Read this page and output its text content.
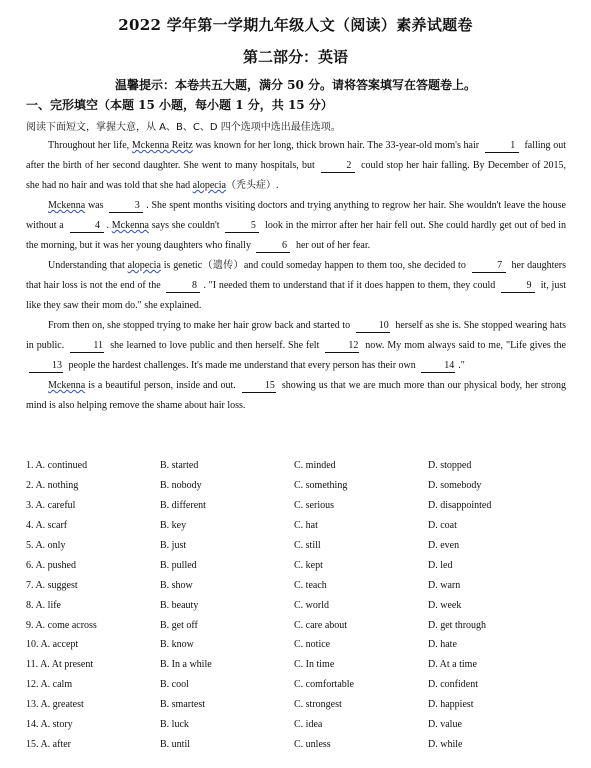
2022 学年第一学期九年级人文（阅读）素养试题卷
第二部分：英语
温馨提示：本卷共五大题，满分 50 分。请将答案填写在答题卷上。
一、完形填空（本题 15 小题，每小题 1 分，共 15 分）
阅读下面短文，掌握大意，从 A、B、C、D 四个选项中选出最佳选项。

Throughout her life, Mckenna Reitz was known for her long, thick brown hair. The 33-year-old mom's hair	1 falling out after the birth of her second daughter. She went to many hospitals, but	2 could stop her hair falling. By December of 2015, she had no hair and was told that she had alopecia（秃头症）.

Mckenna was	3 . She spent months visiting doctors and trying anything to regrow her hair. She wouldn't leave the house without a	4 . Mckenna says she couldn't	5 look in the mirror after her hair fell out. She could hardly get out of bed in the morning, but it was her young daughters who finally	6 her out of her fear.

Understanding that alopecia is genetic（遗传）and could someday happen to them too, she decided to	7 her daughters that hair loss is not the end of the	8 . "I needed them to understand that if it does happen to them, they could	9 it, just like they saw their mom do." she explained.

From then on, she stopped trying to make her hair grow back and started to	10 herself as she is. She stopped wearing hats in public.	11 she learned to love public and then herself. She felt	12 now. My mom always said to me, "Life gives the 13 people the hardest challenges. It's made me understand that every person has their own	14 ."

Mckenna is a beautiful person, inside and out.	15 showing us that we are much more than our physical body, her strong mind is also helping remove the shame about hair loss.

1. A. continued	B. started	C. minded	D. stopped
2. A. nothing	B. nobody	C. something	D. somebody
3. A. careful	B. different	C. serious	D. disappointed
4. A. scarf	B. key	C. hat	D. coat
5. A. only	B. just	C. still	D. even
6. A. pushed	B. pulled	C. kept	D. led
7. A. suggest	B. show	C. teach	D. warn
8. A. life	B. beauty	C. world	D. week
9. A. come across	B. get off	C. care about	D. get through
10. A. accept	B. know	C. notice	D. hate
11. A. At present	B. In a while	C. In time	D. At a time
12. A. calm	B. cool	C. comfortable	D. confident
13. A. greatest	B. smartest	C. strongest	D. happiest
14. A. story	B. luck	C. idea	D. value
15. A. after	B. until	C. unless	D. while
